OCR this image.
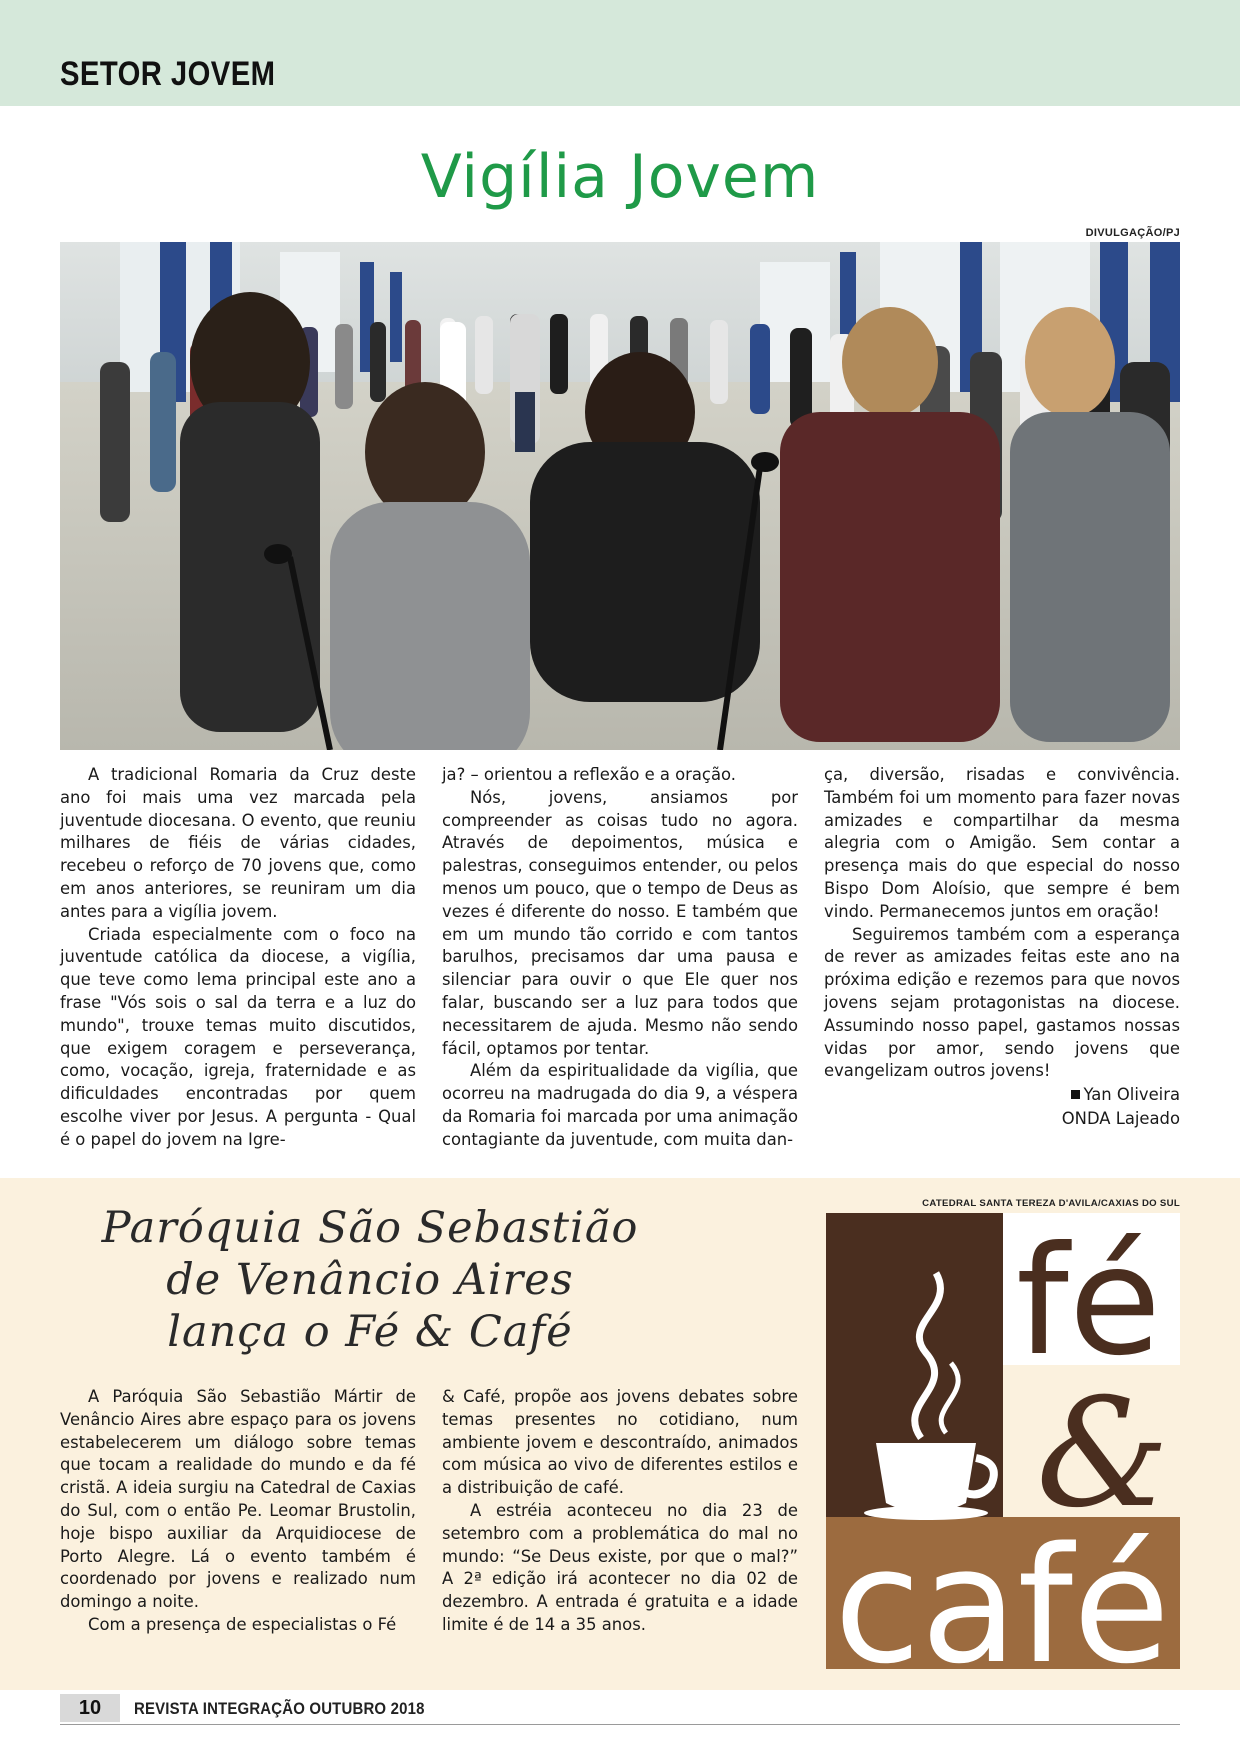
SETOR JOVEM
Vigília Jovem
DIVULGAÇÃO/PJ

A tradicional Romaria da Cruz deste ano foi mais uma vez marcada pela juventude diocesana. O evento, que reuniu milhares de fiéis de várias cidades, recebeu o reforço de 70 jovens que, como em anos anteriores, se reuniram um dia antes para a vigília jovem.

Criada especialmente com o foco na juventude católica da diocese, a vigília, que teve como lema principal este ano a frase "Vós sois o sal da terra e a luz do mundo", trouxe temas muito discutidos, que exigem coragem e perseverança, como, vocação, igreja, fraternidade e as dificuldades encontradas por quem escolhe viver por Jesus. A pergunta - Qual é o papel do jovem na Igre-

ja? – orientou a reflexão e a oração.

Nós, jovens, ansiamos por compreender as coisas tudo no agora. Através de depoimentos, música e palestras, conseguimos entender, ou pelos menos um pouco, que o tempo de Deus as vezes é diferente do nosso. E também que em um mundo tão corrido e com tantos barulhos, precisamos dar uma pausa e silenciar para ouvir o que Ele quer nos falar, buscando ser a luz para todos que necessitarem de ajuda. Mesmo não sendo fácil, optamos por tentar.

Além da espiritualidade da vigília, que ocorreu na madrugada do dia 9, a véspera da Romaria foi marcada por uma animação contagiante da juventude, com muita dan-

ça, diversão, risadas e convivência. Também foi um momento para fazer novas amizades e compartilhar da mesma alegria com o Amigão. Sem contar a presença mais do que especial do nosso Bispo Dom Aloísio, que sempre é bem vindo. Permanecemos juntos em oração!

Seguiremos também com a esperança de rever as amizades feitas este ano na próxima edição e rezemos para que novos jovens sejam protagonistas na diocese. Assumindo nosso papel, gastamos nossas vidas por amor, sendo jovens que evangelizam outros jovens!

Yan Oliveira
ONDA Lajeado
Paróquia São Sebastião
de Venâncio Aires
lança o Fé & Café

A Paróquia São Sebastião Mártir de Venâncio Aires abre espaço para os jovens estabelecerem um diálogo sobre temas que tocam a realidade do mundo e da fé cristã. A ideia surgiu na Catedral de Caxias do Sul, com o então Pe. Leomar Brustolin, hoje bispo auxiliar da Arquidiocese de Porto Alegre. Lá o evento também é coordenado por jovens e realizado num domingo a noite.

Com a presença de especialistas o Fé

& Café, propõe aos jovens debates sobre temas presentes no cotidiano, num ambiente jovem e descontraído, animados com música ao vivo de diferentes estilos e a distribuição de café.

A estréia aconteceu no dia 23 de setembro com a problemática do mal no mundo: “Se Deus existe, por que o mal?” A 2ª edição irá acontecer no dia 02 de dezembro. A entrada é gratuita e a idade limite é de 14 a 35 anos.

CATEDRAL SANTA TEREZA D'AVILA/CAXIAS DO SUL
fé
&
café
10	REVISTA INTEGRAÇÃO OUTUBRO 2018
